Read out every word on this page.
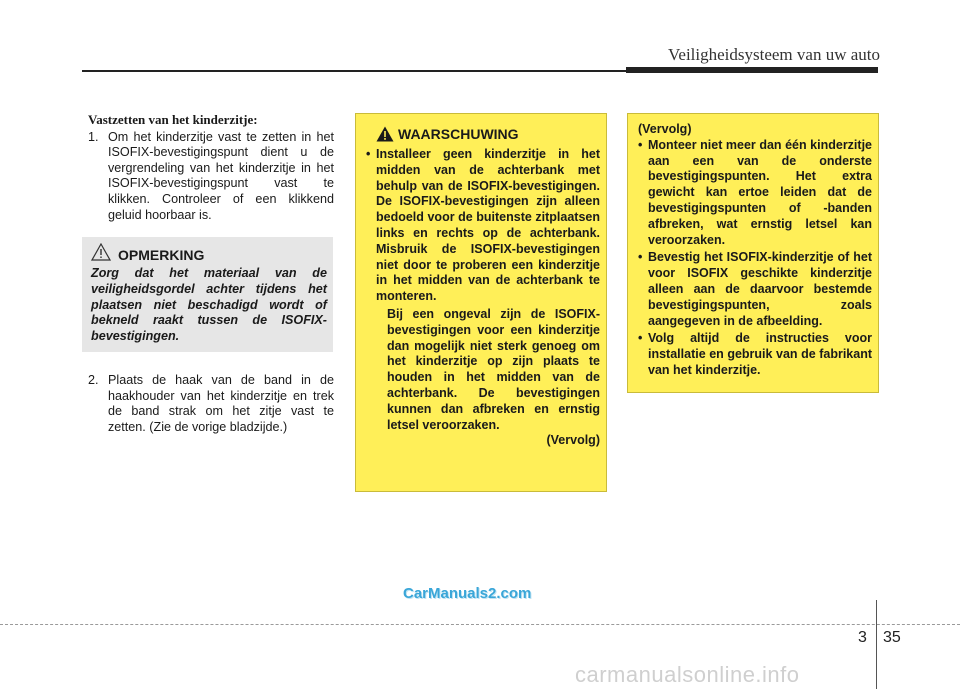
Veiligheidsysteem van uw auto
Vastzetten van het kinderzitje:
1. Om het kinderzitje vast te zetten in het ISOFIX-bevestigingspunt dient u de vergrendeling van het kinderzitje in het ISOFIX-bevestigingspunt vast te klikken. Controleer of een klikkend geluid hoorbaar is.
OPMERKING
Zorg dat het materiaal van de veiligheidsgordel achter tijdens het plaatsen niet beschadigd wordt of bekneld raakt tussen de ISOFIX-bevestigingen.
2. Plaats de haak van de band in de haakhouder van het kinderzitje en trek de band strak om het zitje vast te zetten. (Zie de vorige bladzijde.)
WAARSCHUWING
• Installeer geen kinderzitje in het midden van de achterbank met behulp van de ISOFIX-bevestigingen. De ISOFIX-bevestigingen zijn alleen bedoeld voor de buitenste zitplaatsen links en rechts op de achterbank. Misbruik de ISOFIX-bevestigingen niet door te proberen een kinderzitje in het midden van de achterbank te monteren.
Bij een ongeval zijn de ISOFIX-bevestigingen voor een kinderzitje dan mogelijk niet sterk genoeg om het kinderzitje op zijn plaats te houden in het midden van de achterbank. De bevestigingen kunnen dan afbreken en ernstig letsel veroorzaken.
(Vervolg)
(Vervolg)
• Monteer niet meer dan één kinderzitje aan een van de onderste bevestigingspunten. Het extra gewicht kan ertoe leiden dat de bevestigingspunten of -banden afbreken, wat ernstig letsel kan veroorzaken.
• Bevestig het ISOFIX-kinderzitje of het voor ISOFIX geschikte kinderzitje alleen aan de daarvoor bestemde bevestigingspunten, zoals aangegeven in de afbeelding.
• Volg altijd de instructies voor installatie en gebruik van de fabrikant van het kinderzitje.
CarManuals2.com
3 35
carmanualsonline.info
